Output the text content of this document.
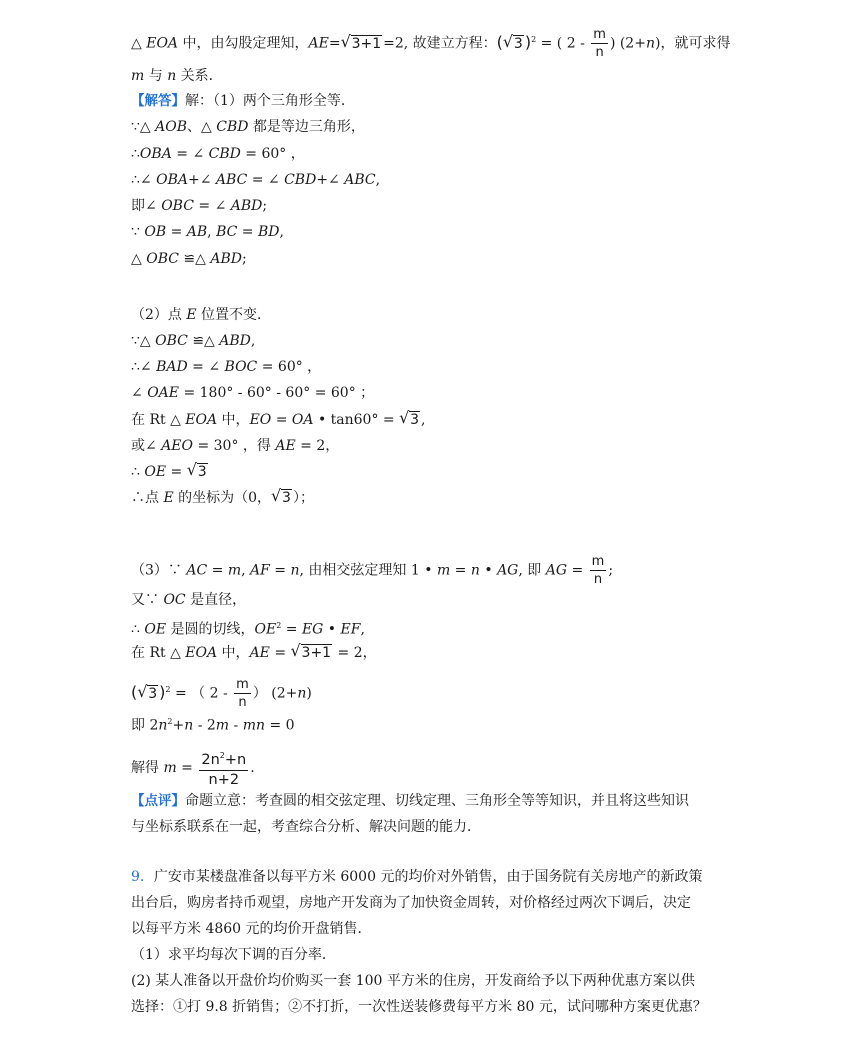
△ EOA 中，由勾股定理知，AE= √ 3+1 =2, 故建立方程：( √ 3 )$^2$ = ( $2 - \frac{m}{n}$ ) (2+n)，就可求得
m 与 n 关系．
【解答】解：（1）两个三角形全等．
∵△ AOB、△ CBD 都是等边三角形，
∴OBA = ∠ CBD = 60° ，
∴∠ OBA+∠ ABC = ∠ CBD+∠ ABC,
即∠ OBC = ∠ ABD;
∵ OB = AB, BC = BD,
△ OBC ≌△ ABD;
（2）点 E 位置不变．
∵△ OBC ≌△ ABD,
∴∠ BAD = ∠ BOC = 60° ，
∠ OAE = 180° - 60° - 60° = 60° ；
在 Rt △ EOA 中，EO = OA • tan60° = √ 3 ,
或∠ AEO = 30° ，得 AE = 2，
∴ OE = √ 3
∴点 E 的坐标为（0， √ 3 ）；
（3）∵ AC = m, AF = n, 由相交弦定理知 1 • m = n • AG, 即 AG = $\frac{m}{n}$ ;
又∵ OC 是直径，
∴ OE 是圆的切线，$OE^2$ = EG • EF,
在 Rt △ EOA 中，AE = √ 3+1 = 2，
( √ 3 )$^2$ = （ $2 - \frac{m}{n}$ ） (2+n)
即 $2n^2+n - 2m$ - mn = 0
解得 $m = \frac{2n^2+n}{n+2}$ .
【点评】命题立意：考查圆的相交弦定理、切线定理、三角形全等等知识，并且将这些知识
与坐标系联系在一起，考查综合分析、解决问题的能力．
9．广安市某楼盘准备以每平方米 6000 元的均价对外销售，由于国务院有关房地产的新政策
出台后，购房者持币观望，房地产开发商为了加快资金周转，对价格经过两次下调后，决定
以每平方米 4860 元的均价开盘销售．
（1）求平均每次下调的百分率．
(2) 某人准备以开盘价均价购买一套 100 平方米的住房，开发商给予以下两种优惠方案以供
选择：①打 9.8 折销售；②不打折，一次性送装修费每平方米 80 元，试问哪种方案更优惠？
